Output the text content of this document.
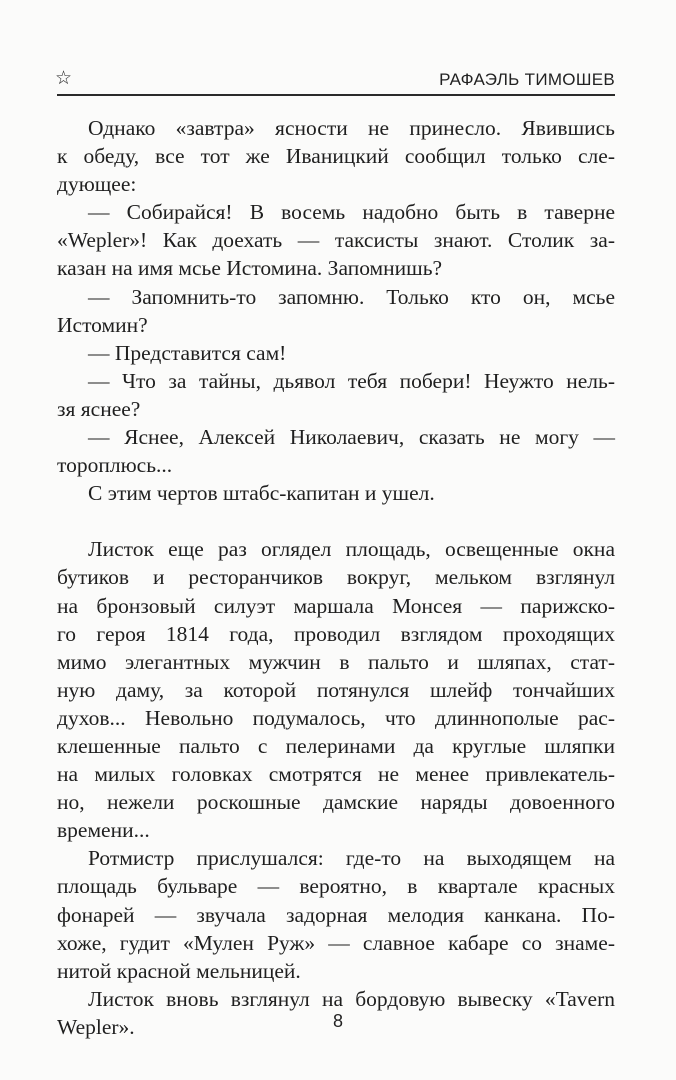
☆	РАФАЭЛЬ ТИМОШЕВ

Однако «завтра» ясности не принесло. Явившись
к обеду, все тот же Иваницкий сообщил только сле-
дующее:

— Собирайся! В восемь надобно быть в таверне
«Wepler»! Как доехать — таксисты знают. Столик за-
казан на имя мсье Истомина. Запомнишь?

— Запомнить-то запомню. Только кто он, мсье
Истомин?

— Представится сам!

— Что за тайны, дьявол тебя побери! Неужто нель-
зя яснее?

— Яснее, Алексей Николаевич, сказать не могу —
тороплюсь...

С этим чертов штабс-капитан и ушел.

Листок еще раз оглядел площадь, освещенные окна
бутиков и ресторанчиков вокруг, мельком взглянул
на бронзовый силуэт маршала Монсея — парижско-
го героя 1814 года, проводил взглядом проходящих
мимо элегантных мужчин в пальто и шляпах, стат-
ную даму, за которой потянулся шлейф тончайших
духов... Невольно подумалось, что длиннополые рас-
клешенные пальто с пелеринами да круглые шляпки
на милых головках смотрятся не менее привлекатель-
но, нежели роскошные дамские наряды довоенного
времени...

Ротмистр прислушался: где-то на выходящем на
площадь бульваре — вероятно, в квартале красных
фонарей — звучала задорная мелодия канкана. По-
хоже, гудит «Мулен Руж» — славное кабаре со знаме-
нитой красной мельницей.

Листок вновь взглянул на бордовую вывеску «Tavern
Wepler».	8
